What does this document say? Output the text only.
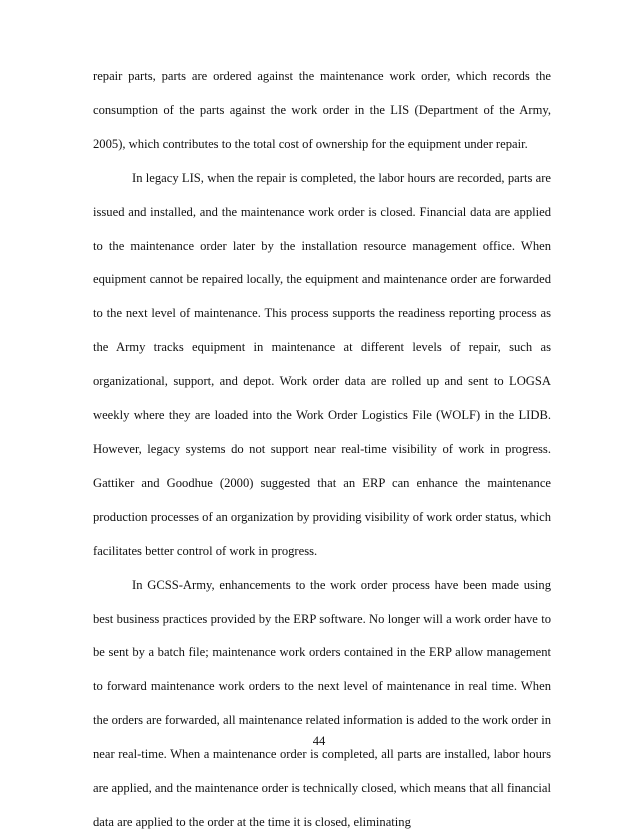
repair parts, parts are ordered against the maintenance work order, which records the consumption of the parts against the work order in the LIS (Department of the Army, 2005), which contributes to the total cost of ownership for the equipment under repair.

In legacy LIS, when the repair is completed, the labor hours are recorded, parts are issued and installed, and the maintenance work order is closed. Financial data are applied to the maintenance order later by the installation resource management office. When equipment cannot be repaired locally, the equipment and maintenance order are forwarded to the next level of maintenance. This process supports the readiness reporting process as the Army tracks equipment in maintenance at different levels of repair, such as organizational, support, and depot. Work order data are rolled up and sent to LOGSA weekly where they are loaded into the Work Order Logistics File (WOLF) in the LIDB. However, legacy systems do not support near real-time visibility of work in progress. Gattiker and Goodhue (2000) suggested that an ERP can enhance the maintenance production processes of an organization by providing visibility of work order status, which facilitates better control of work in progress.

In GCSS-Army, enhancements to the work order process have been made using best business practices provided by the ERP software. No longer will a work order have to be sent by a batch file; maintenance work orders contained in the ERP allow management to forward maintenance work orders to the next level of maintenance in real time. When the orders are forwarded, all maintenance related information is added to the work order in near real-time. When a maintenance order is completed, all parts are installed, labor hours are applied, and the maintenance order is technically closed, which means that all financial data are applied to the order at the time it is closed, eliminating

44
